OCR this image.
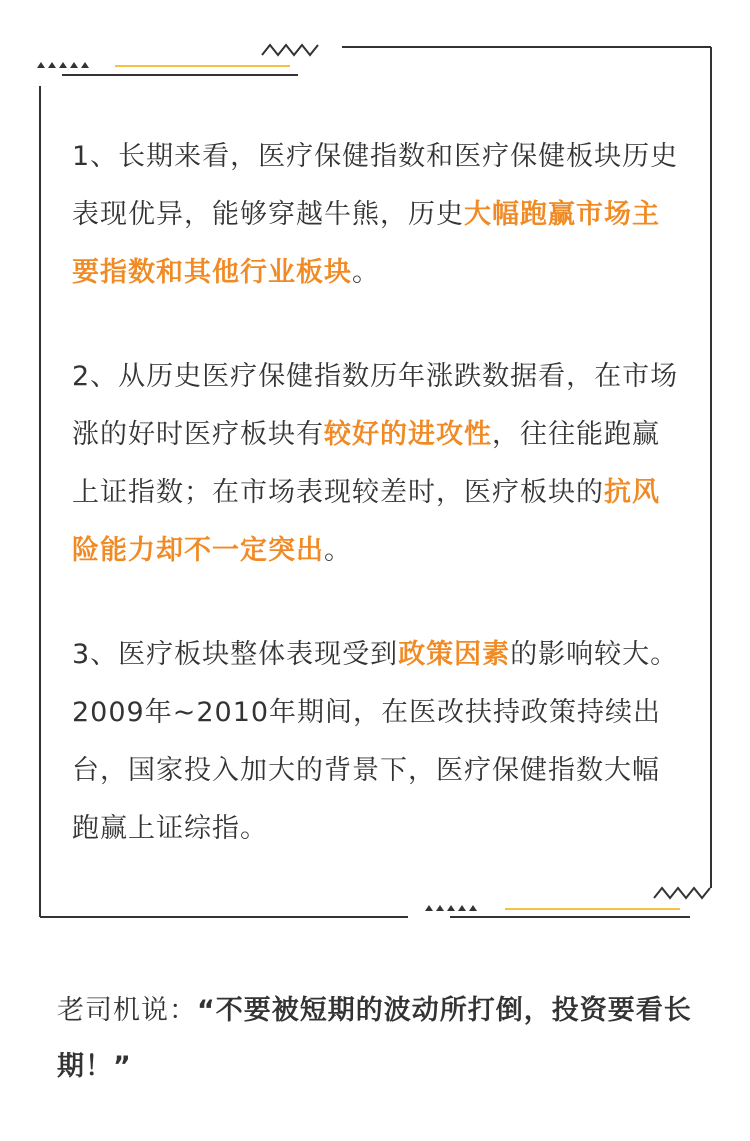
1、长期来看，医疗保健指数和医疗保健板块历史表现优异，能够穿越牛熊，历史大幅跑赢市场主要指数和其他行业板块。

2、从历史医疗保健指数历年涨跌数据看，在市场涨的好时医疗板块有较好的进攻性，往往能跑赢上证指数；在市场表现较差时，医疗板块的抗风险能力却不一定突出。

3、医疗板块整体表现受到政策因素的影响较大。2009年~2010年期间，在医改扶持政策持续出台，国家投入加大的背景下，医疗保健指数大幅跑赢上证综指。

老司机说：“不要被短期的波动所打倒，投资要看长期！”
